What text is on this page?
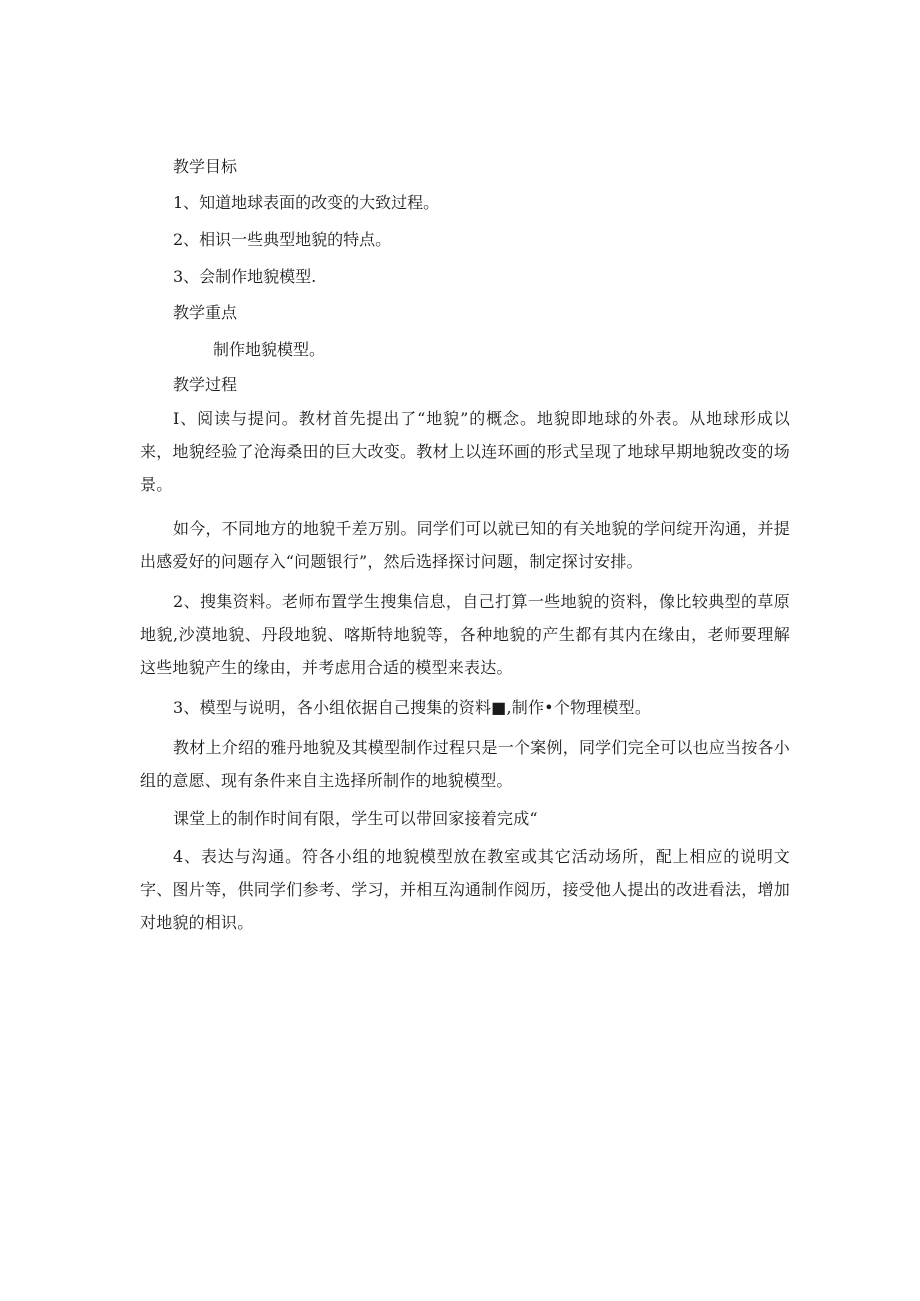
教学目标

1、知道地球表面的改变的大致过程。

2、相识一些典型地貌的特点。

3、会制作地貌模型.

教学重点

制作地貌模型。

教学过程

I、阅读与提问。教材首先提出了“地貌”的概念。地貌即地球的外表。从地球形成以来，地貌经验了沧海桑田的巨大改变。教材上以连环画的形式呈现了地球早期地貌改变的场景。

如今，不同地方的地貌千差万别。同学们可以就已知的有关地貌的学问绽开沟通，并提出感爱好的问题存入“问题银行”，然后选择探讨问题，制定探讨安排。

2、搜集资料。老师布置学生搜集信息，自己打算一些地貌的资料，像比较典型的草原地貌,沙漠地貌、丹段地貌、喀斯特地貌等，各种地貌的产生都有其内在缘由，老师要理解这些地貌产生的缘由，并考虑用合适的模型来表达。

3、模型与说明，各小组依据自己搜集的资料■,制作•个物理模型。

教材上介绍的雅丹地貌及其模型制作过程只是一个案例，同学们完全可以也应当按各小组的意愿、现有条件来自主选择所制作的地貌模型。

课堂上的制作时间有限，学生可以带回家接着完成“

4、表达与沟通。符各小组的地貌模型放在教室或其它活动场所，配上相应的说明文字、图片等，供同学们参考、学习，并相互沟通制作阅历，接受他人提出的改进看法，增加对地貌的相识。
